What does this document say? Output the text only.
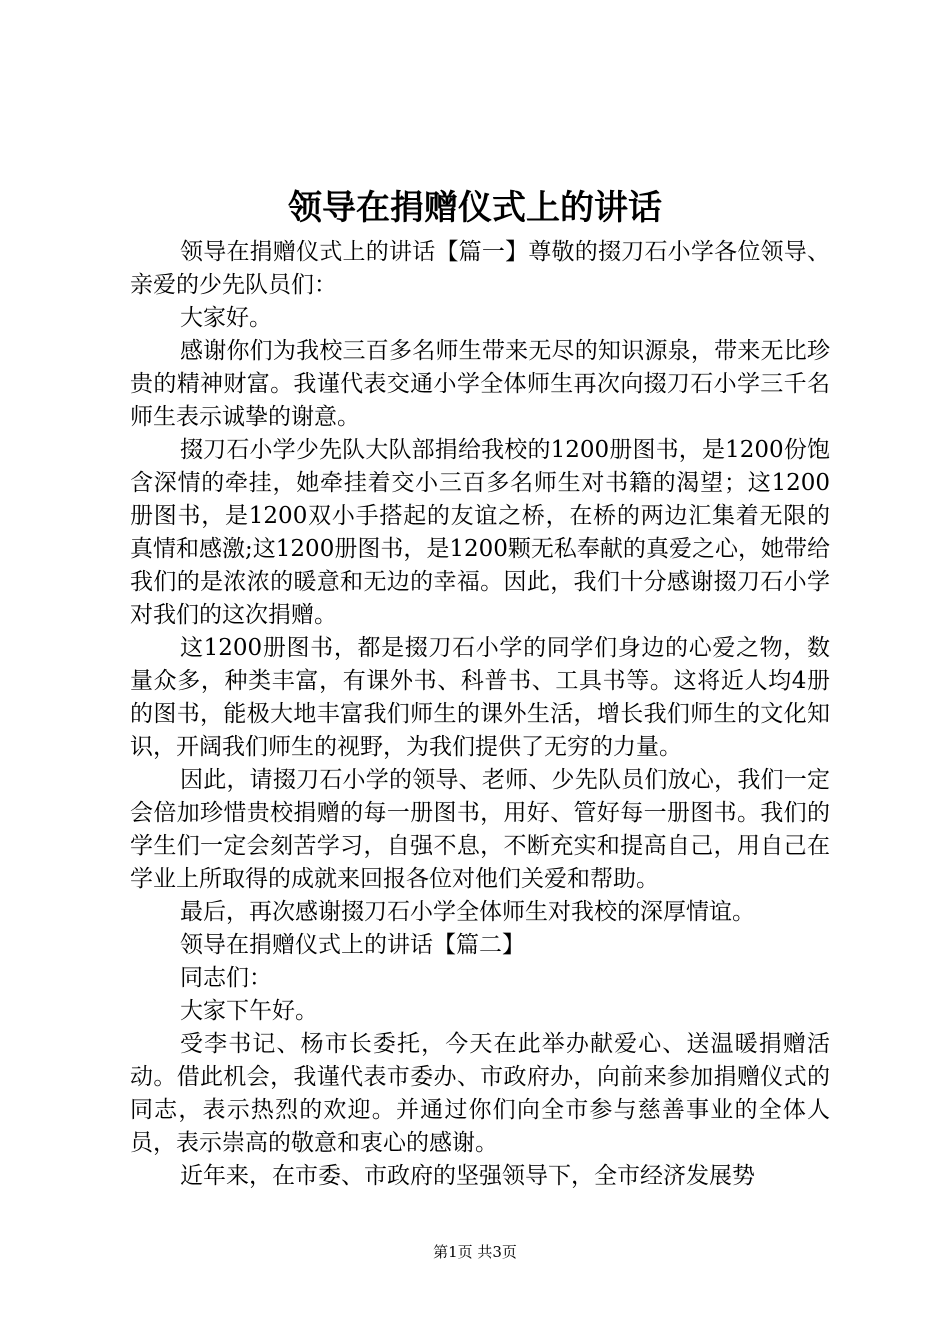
领导在捐赠仪式上的讲话

领导在捐赠仪式上的讲话【篇一】尊敬的掇刀石小学各位领导、亲爱的少先队员们：

大家好。

感谢你们为我校三百多名师生带来无尽的知识源泉，带来无比珍贵的精神财富。我谨代表交通小学全体师生再次向掇刀石小学三千名师生表示诚挚的谢意。

掇刀石小学少先队大队部捐给我校的1200册图书，是1200份饱含深情的牵挂，她牵挂着交小三百多名师生对书籍的渴望；这1200册图书，是1200双小手搭起的友谊之桥，在桥的两边汇集着无限的真情和感激;这1200册图书，是1200颗无私奉献的真爱之心，她带给我们的是浓浓的暖意和无边的幸福。因此，我们十分感谢掇刀石小学对我们的这次捐赠。

这1200册图书，都是掇刀石小学的同学们身边的心爱之物，数量众多，种类丰富，有课外书、科普书、工具书等。这将近人均4册的图书，能极大地丰富我们师生的课外生活，增长我们师生的文化知识，开阔我们师生的视野，为我们提供了无穷的力量。

因此，请掇刀石小学的领导、老师、少先队员们放心，我们一定会倍加珍惜贵校捐赠的每一册图书，用好、管好每一册图书。我们的学生们一定会刻苦学习，自强不息，不断充实和提高自己，用自己在学业上所取得的成就来回报各位对他们关爱和帮助。

最后，再次感谢掇刀石小学全体师生对我校的深厚情谊。

领导在捐赠仪式上的讲话【篇二】

同志们：

大家下午好。

受李书记、杨市长委托，今天在此举办献爱心、送温暖捐赠活动。借此机会，我谨代表市委办、市政府办，向前来参加捐赠仪式的同志，表示热烈的欢迎。并通过你们向全市参与慈善事业的全体人员，表示崇高的敬意和衷心的感谢。

近年来，在市委、市政府的坚强领导下，全市经济发展势

第1页 共3页
